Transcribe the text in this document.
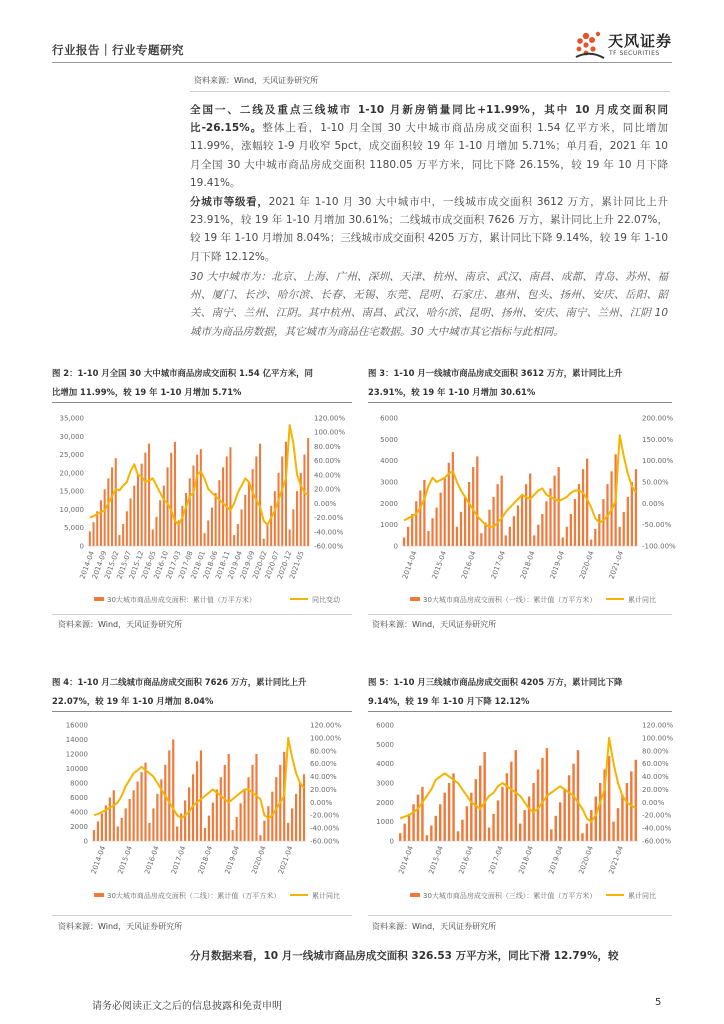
行业报告｜行业专题研究	天风证券
TF SECURITIES
资料来源：Wind，天风证券研究所
全国一、二线及重点三线城市 1-10 月新房销量同比+11.99%，其中 10 月成交面积同比-26.15%。整体上看，1-10 月全国 30 大中城市商品房成交面积 1.54 亿平方米，同比增加 11.99%，涨幅较 1-9 月收窄 5pct，成交面积较 19 年 1-10 月增加 5.71%；单月看，2021 年 10 月全国 30 大中城市商品房成交面积 1180.05 万平方米，同比下降 26.15%，较 19 年 10 月下降 19.41%。
分城市等级看，2021 年 1-10 月 30 大中城市中，一线城市成交面积 3612 万方，累计同比上升 23.91%，较 19 年 1-10 月增加 30.61%；二线城市成交面积 7626 万方，累计同比上升 22.07%，较 19 年 1-10 月增加 8.04%；三线城市成交面积 4205 万方，累计同比下降 9.14%，较 19 年 1-10 月下降 12.12%。
30 大中城市为：北京、上海、广州、深圳、天津、杭州、南京、武汉、南昌、成都、青岛、苏州、福州、厦门、长沙、哈尔滨、长春、无锡、东莞、昆明、石家庄、惠州、包头、扬州、安庆、岳阳、韶关、南宁、兰州、江阴。其中杭州、南昌、武汉、哈尔滨、昆明、扬州、安庆、南宁、兰州、江阴 10 城市为商品房数据，其它城市为商品住宅数据。30 大中城市其它指标与此相同。
图 2：1-10 月全国 30 大中城市商品房成交面积 1.54 亿平方米，同
比增加 11.99%，较 19 年 1-10 月增加 5.71%
图 3：1-10 月一线城市商品房成交面积 3612 万方，累计同比上升
23.91%，较 19 年 1-10 月增加 30.61%
图 4：1-10 月二线城市商品房成交面积 7626 万方，累计同比上升
22.07%，较 19 年 1-10 月增加 8.04%
图 5：1-10 月三线城市商品房成交面积 4205 万方，累计同比下降
9.14%，较 19 年 1-10 月下降 12.12%
35,000
30,000
25,000
20,000
15,000
10,000
5,000
0
120.00%
100.00%
80.00%
60.00%
40.00%
20.00%
0.00%
-20.00%
-40.00%
-60.00%
2014-04
2014-09
2015-02
2015-07
2015-12
2016-05
2016-10
2017-03
2017-08
2018-01
2018-06
2018-11
2019-04
2019-09
2020-02
2020-07
2020-12
2021-05
30大城市商品房成交面积：累计值（万平方米）	同比变动
6000
5000
4000
3000
2000
1000
0
200.00%
150.00%
100.00%
50.00%
0.00%
-50.00%
-100.00%
2014-04 2015-04 2016-04 2017-04 2018-04 2019-04 2020-04 2021-04
30大城市商品房成交面积（一线）：累计值（万平方米）	累计同比
16000
14000
12000
10000
8000
6000
4000
2000
0
120.00%
100.00%
80.00%
60.00%
40.00%
20.00%
0.00%
-20.00%
-40.00%
-60.00%
2014-04 2015-04 2016-04 2017-04 2018-04 2019-04 2020-04 2021-04
30大城市商品房成交面积（二线）：累计值（万平方米）	累计同比
6000
5000
4000
3000
2000
1000
0
120.00%
100.00%
80.00%
60.00%
40.00%
20.00%
0.00%
-20.00%
-40.00%
-60.00%
2014-04 2015-04 2016-04 2017-04 2018-04 2019-04 2020-04 2021-04
30大城市商品房成交面积（三线）：累计值（万平方米）	累计同比
资料来源：Wind，天风证券研究所	资料来源：Wind，天风证券研究所
资料来源：Wind，天风证券研究所	资料来源：Wind，天风证券研究所
分月数据来看，10 月一线城市商品房成交面积 326.53 万平方米，同比下滑 12.79%，较
请务必阅读正文之后的信息披露和免责申明	5
